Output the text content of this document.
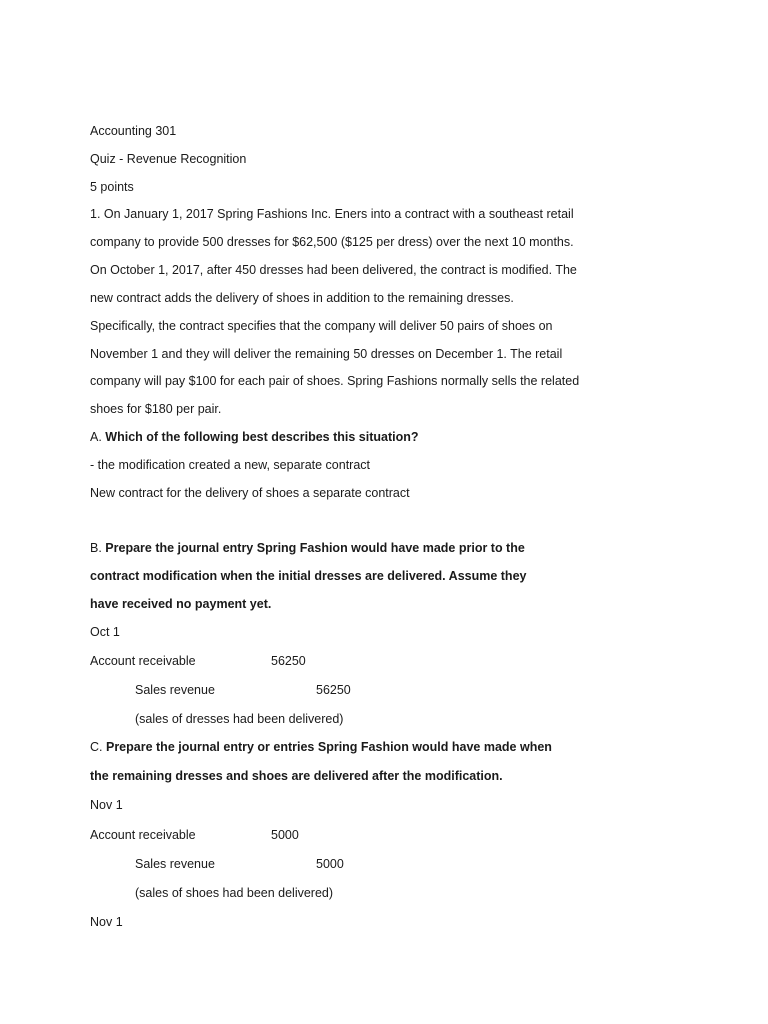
Accounting 301
Quiz - Revenue Recognition
5 points
1. On January 1, 2017 Spring Fashions Inc. Eners into a contract with a southeast retail
company to provide 500 dresses for $62,500 ($125 per dress) over the next 10 months.
On October 1, 2017, after 450 dresses had been delivered, the contract is modified. The
new contract adds the delivery of shoes in addition to the remaining dresses.
Specifically, the contract specifies that the company will deliver 50 pairs of shoes on
November 1 and they will deliver the remaining 50 dresses on December 1. The retail
company will pay $100 for each pair of shoes. Spring Fashions normally sells the related
shoes for $180 per pair.
A. Which of the following best describes this situation?
- the modification created a new, separate contract
New contract for the delivery of shoes a separate contract
B. Prepare the journal entry Spring Fashion would have made prior to the
contract modification when the initial dresses are delivered. Assume they
have received no payment yet.
Oct 1
Account receivable	56250
Sales revenue	56250
(sales of dresses had been delivered)
C. Prepare the journal entry or entries Spring Fashion would have made when
the remaining dresses and shoes are delivered after the modification.
Nov 1
Account receivable	5000
Sales revenue	5000
(sales of shoes had been delivered)
Nov 1
